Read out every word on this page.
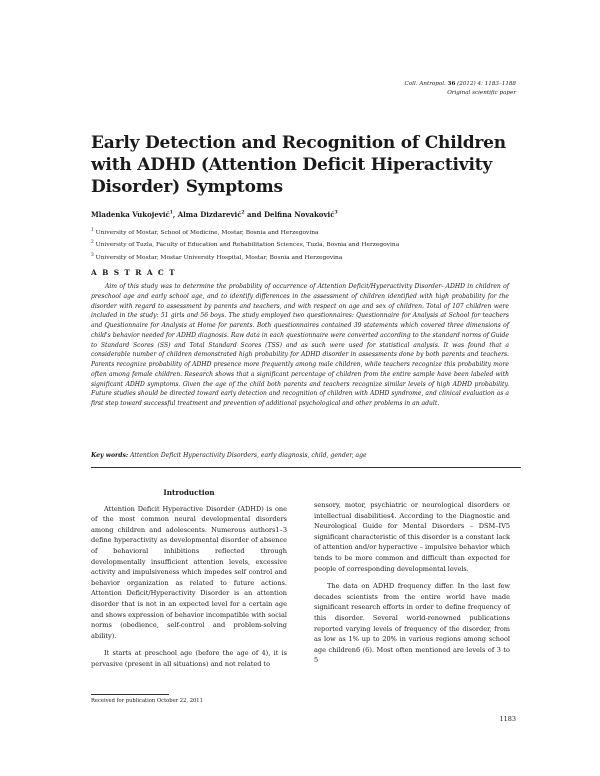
Coll. Antropol. 36 (2012) 4: 1183–1188
Original scientific paper
Early Detection and Recognition of Children with ADHD (Attention Deficit Hiperactivity Disorder) Symptoms
Mladenka Vukojević$^1$, Alma Dizdarević$^2$ and Delfina Novaković$^3$
$^1$ University of Mostar, School of Medicine, Mostar, Bosnia and Herzegovina
$^2$ University of Tuzla, Faculty of Education and Rehabilitation Sciences, Tuzla, Bosnia and Herzegovina
$^3$ University of Mostar, Mostar University Hospital, Mostar, Bosnia and Herzegovina
A B S T R A C T

Aim of this study was to determine the probability of occurrence of Attention Deficit/Hyperactivity Disorder- ADHD in children of preschool age and early school age, and to identify differences in the assessment of children identified with high probability for the disorder with regard to assessment by parents and teachers, and with respect on age and sex of children. Total of 107 children were included in the study: 51 girls and 56 boys. The study employed two questionnaires: Questionnaire for Analysis at School for teachers and Questionnaire for Analysis at Home for parents. Both questionnaires contained 39 statements which covered three dimensions of child's behavior needed for ADHD diagnosis. Raw data in each questionnaire were converted according to the standard norms of Guide to Standard Scores (SS) and Total Standard Scores (TSS) and as such were used for statistical analysis. It was found that a considerable number of children demonstrated high probability for ADHD disorder in assessments done by both parents and teachers. Parents recognize probability of ADHD presence more frequently among male children, while teachers recognize this probability more often among female children. Research shows that a significant percentage of children from the entire sample have been labeled with significant ADHD symptoms. Given the age of the child both parents and teachers recognize similar levels of high ADHD probability. Future studies should be directed toward early detection and recognition of children with ADHD syndrome, and clinical evaluation as a first step toward successful treatment and prevention of additional psychological and other problems in an adult.

Key words: Attention Deficit Hyperactivity Disorders, early diagnosis, child, gender, age
Introduction

Attention Deficit Hyperactive Disorder (ADHD) is one of the most common neural developmental disorders among children and adolescents. Numerous authors1–3 define hyperactivity as developmental disorder of absence of behavioral inhibitions reflected through developmentally insufficient attention levels, excessive activity and impulsiveness which impedes self control and behavior organization as related to future actions. Attention Deficit/Hyperactivity Disorder is an attention disorder that is not in an expected level for a certain age and shows expression of behavior incompatible with social norms (obedience, self-control and problem-solving ability).

It starts at preschool age (before the age of 4), it is pervasive (present in all situations) and not related to

sensory, motor, psychiatric or neurological disorders or intellectual disabilities4. According to the Diagnostic and Neurological Guide for Mental Disorders – DSM–IV5 significant characteristic of this disorder is a constant lack of attention and/or hyperactive – impulsive behavior which tends to be more common and difficult than expected for people of corresponding developmental levels.

The data on ADHD frequency differ. In the last few decades scientists from the entire world have made significant research efforts in order to define frequency of this disorder. Several world-renowned publications reported varying levels of frequency of the disorder, from as low as 1% up to 20% in various regions among school age children6 (6). Most often mentioned are levels of 3 to 5

Received for publication October 22, 2011
1183
